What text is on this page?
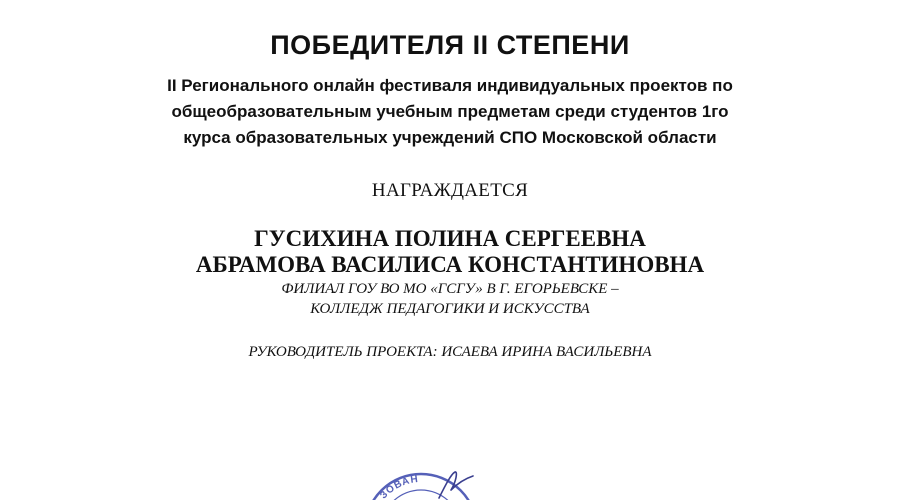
ПОБЕДИТЕЛЯ II СТЕПЕНИ
II Регионального онлайн фестиваля индивидуальных проектов по
общеобразовательным учебным предметам среди студентов 1го
курса образовательных учреждений СПО Московской области
НАГРАЖДАЕТСЯ
ГУСИХИНА ПОЛИНА СЕРГЕЕВНА
АБРАМОВА ВАСИЛИСА КОНСТАНТИНОВНА
ФИЛИАЛ ГОУ ВО МО «ГСГУ» В Г. ЕГОРЬЕВСКЕ –
КОЛЛЕДЖ ПЕДАГОГИКИ И ИСКУССТВА
РУКОВОДИТЕЛЬ ПРОЕКТА: ИСАЕВА ИРИНА ВАСИЛЬЕВНА
ЗОВАН
